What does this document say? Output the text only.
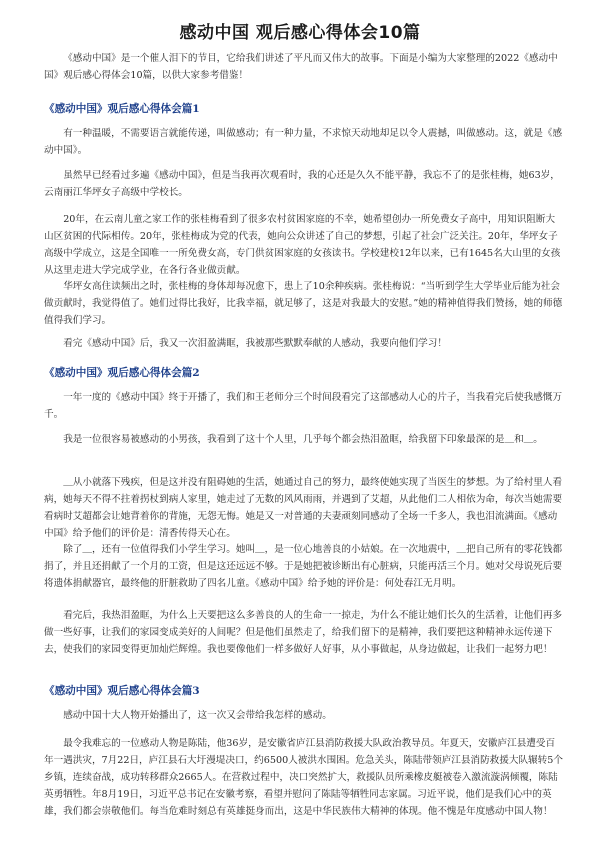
感动中国 观后感心得体会10篇

《感动中国》是一个催人泪下的节目，它给我们讲述了平凡而又伟大的故事。下面是小编为大家整理的2022《感动中国》观后感心得体会10篇，以供大家参考借鉴！

《感动中国》观后感心得体会篇1

有一种温暖，不需要语言就能传递，叫做感动；有一种力量，不求惊天动地却足以令人震撼，叫做感动。这，就是《感动中国》。

虽然早已经看过多遍《感动中国》，但是当我再次观看时，我的心还是久久不能平静，我忘不了的是张桂梅，她63岁，云南丽江华坪女子高级中学校长。

20年，在云南儿童之家工作的张桂梅看到了很多农村贫困家庭的不幸，她希望创办一所免费女子高中，用知识阻断大山区贫困的代际相传。20年，张桂梅成为党的代表，她向公众讲述了自己的梦想，引起了社会广泛关注。20年，华坪女子高级中学成立，这是全国唯一一所免费女高，专门供贫困家庭的女孩读书。学校建校12年以来，已有1645名大山里的女孩从这里走进大学完成学业，在各行各业做贡献。

华坪女高住读频出之时，张桂梅的身体却每况愈下，患上了10余种疾病。张桂梅说：“当听到学生大学毕业后能为社会做贡献时，我觉得值了。她们过得比我好，比我幸福，就足够了，这是对我最大的安慰。”她的精神值得我们赞扬，她的师德值得我们学习。

看完《感动中国》后，我又一次泪盈满眶，我被那些默默奉献的人感动，我要向他们学习！

《感动中国》观后感心得体会篇2

一年一度的《感动中国》终于开播了，我们和王老师分三个时间段看完了这部感动人心的片子，当我看完后使我感慨万千。

我是一位很容易被感动的小男孩，我看到了这十个人里，几乎每个都会热泪盈眶，给我留下印象最深的是＿和＿。

＿从小就落下残疾，但是这并没有阻碍她的生活，她通过自己的努力，最终使她实现了当医生的梦想。为了给村里人看病，她每天不得不拄着拐杖到病人家里，她走过了无数的风风雨雨，并遇到了艾超，从此他们二人相依为命，每次当她需要看病时艾超都会让她背着你的背施，无怨无悔。她是又一对普通的夫妻顽刻同感动了全场一千多人，我也泪流满面。《感动中国》给予他们的评价是：清香传得天心在。

除了＿，还有一位值得我们小学生学习。她叫＿，是一位心地善良的小姑娘。在一次地震中，＿把自己所有的零花钱都捐了，并且还捐献了一个月的工资，但是这还远远不够。于是她把被诊断出有心脏病，只能再活三个月。她对父母说死后要将遗体捐献器官，最终他的肝脏救助了四名儿童。《感动中国》给予她的评价是：何处春江无月明。

看完后，我热泪盈眶，为什么上天要把这么多善良的人的生命一一掠走，为什么不能让她们长久的生活着，让他们再多做一些好事，让我们的家园变成美好的人间呢？但是他们虽然走了，给我们留下的是精神，我们要把这种精神永远传递下去，使我们的家园变得更加灿烂辉煌。我也要像他们一样多做好人好事，从小事做起，从身边做起，让我们一起努力吧！

《感动中国》观后感心得体会篇3

感动中国十大人物开始播出了，这一次又会带给我怎样的感动。

最令我难忘的一位感动人物是陈陆，他36岁，是安徽省庐江县消防救援大队政治教导员。年夏天，安徽庐江县遭受百年一遇洪灾，7月22日，庐江县石大圩漫堤决口，约6500人被洪水围困。危急关头，陈陆带领庐江县消防救援大队辗转5个乡镇，连续奋战，成功转移群众2665人。在营救过程中，决口突然扩大，救援队员所乘橡皮艇被卷入激流漩涡倾覆，陈陆英勇牺牲。年8月19日，习近平总书记在安徽考察，看望并慰问了陈陆等牺牲同志家属。习近平说，他们是我们心中的英雄，我们都会崇敬他们。每当危难时刻总有英雄挺身而出，这是中华民族伟大精神的体现。他不愧是年度感动中国人物！
